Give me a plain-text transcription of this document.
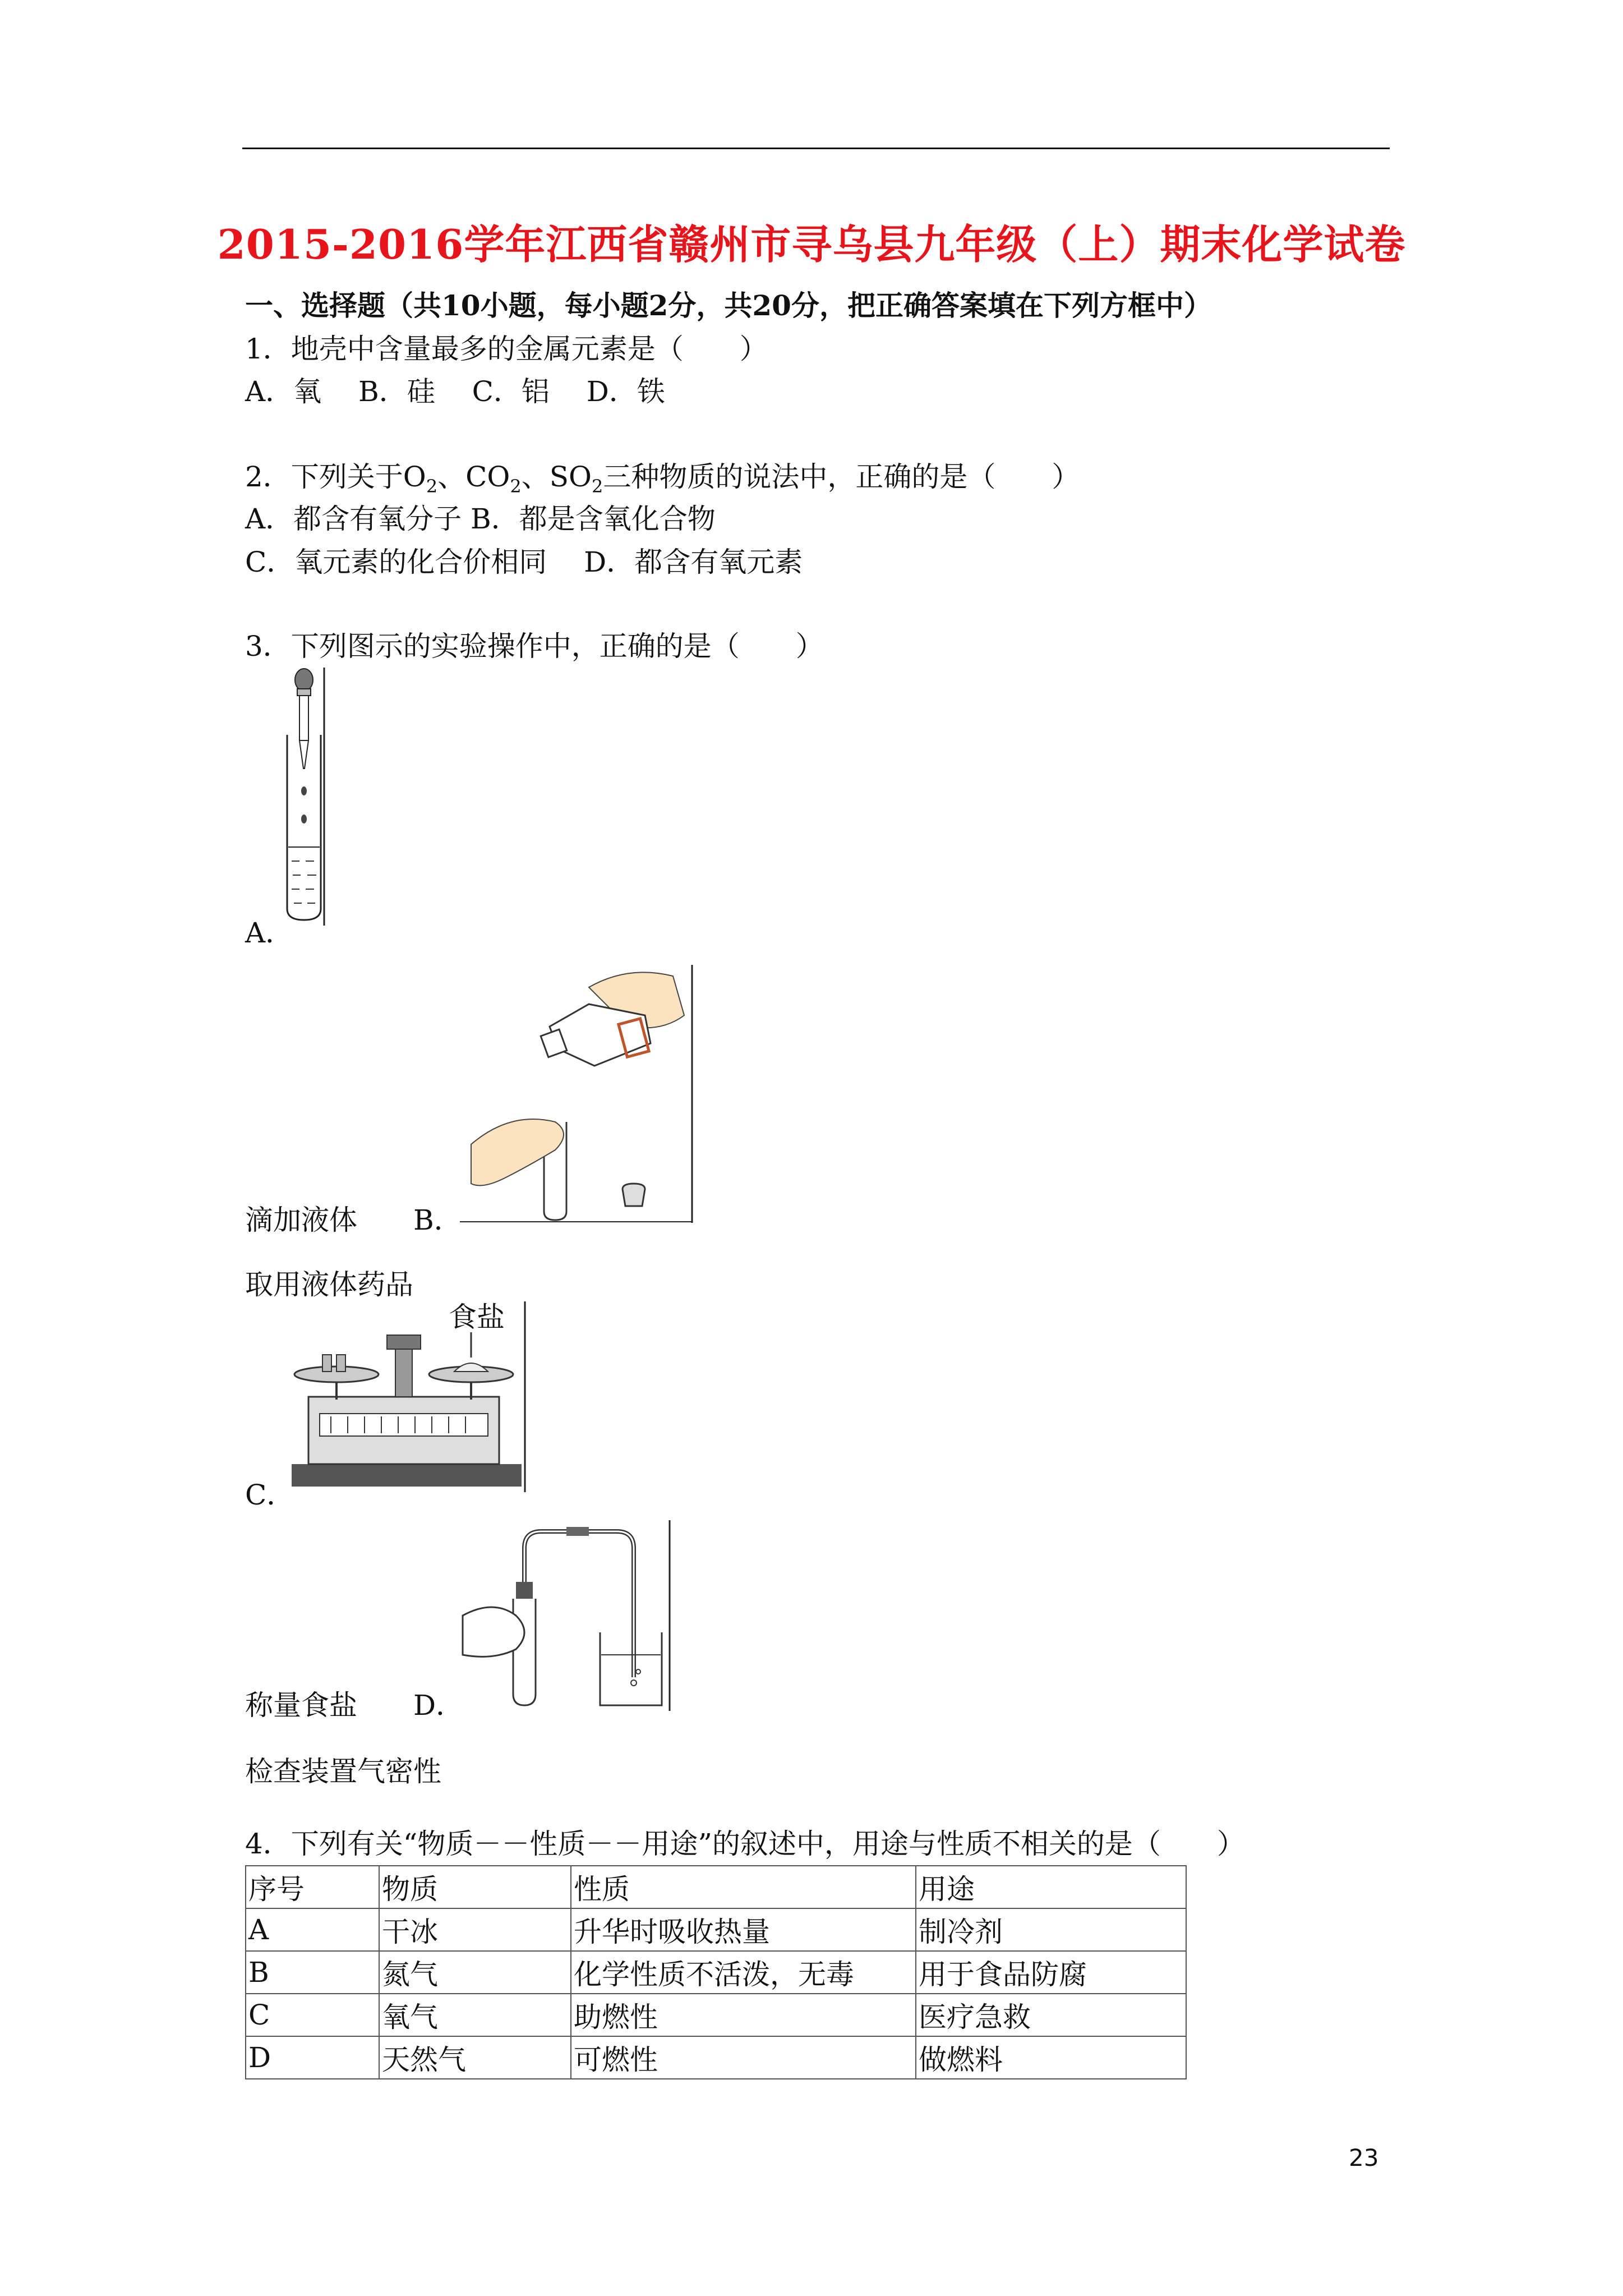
2015-2016学年江西省赣州市寻乌县九年级（上）期末化学试卷
一、选择题（共10小题，每小题2分，共20分，把正确答案填在下列方框中）
1．地壳中含量最多的金属元素是（　　）
A．氧　 B．硅　 C．铝　 D．铁
2．下列关于$O_2$、$CO_2$、$SO_2$三种物质的说法中，正确的是（　　）
A．都含有氧分子 B．都是含氧化合物
C．氧元素的化合价相同　 D．都含有氧元素
3．下列图示的实验操作中，正确的是（　　）
A．
滴加液体　　 B．
取用液体药品
食盐
C．
称量食盐　　 D．
检查装置气密性
4．下列有关“物质－－性质－－用途”的叙述中，用途与性质不相关的是（　　）
序号	物质	性质	用途
A	干冰	升华时吸收热量	制冷剂
B	氮气	化学性质不活泼，无毒	用于食品防腐
C	氧气	助燃性	医疗急救
D	天然气	可燃性	做燃料
23
